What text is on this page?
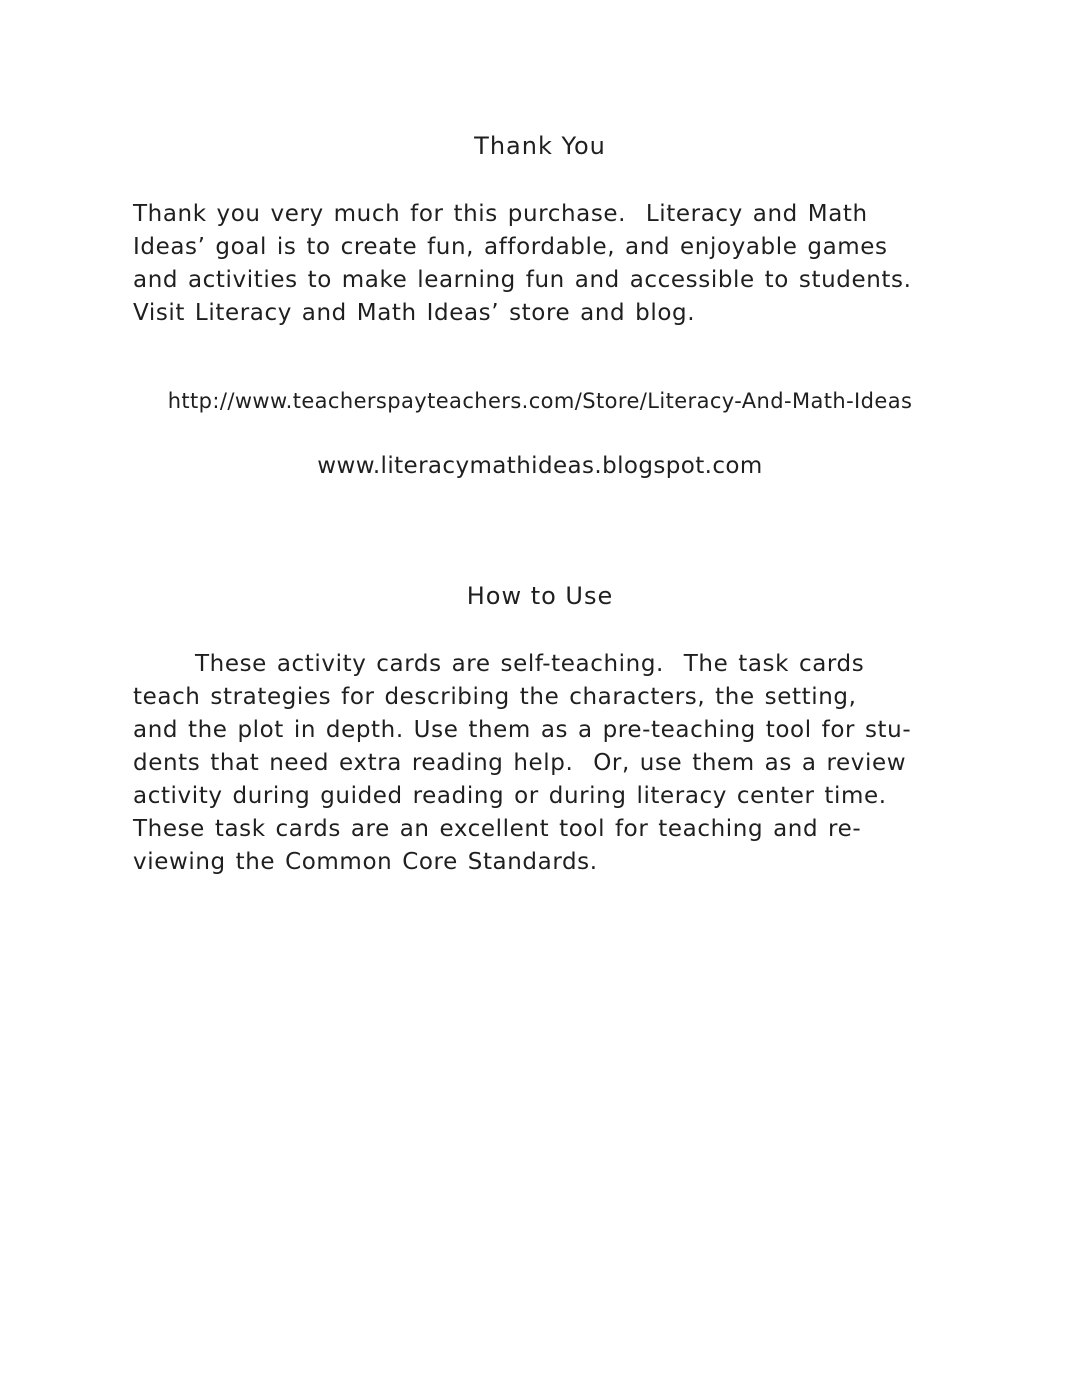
Thank You
Thank you very much for this purchase.  Literacy and Math
Ideas’ goal is to create fun, affordable, and enjoyable games
and activities to make learning fun and accessible to students.
Visit Literacy and Math Ideas’ store and blog.
http://www.teacherspayteachers.com/Store/Literacy-And-Math-Ideas
www.literacymathideas.blogspot.com
How to Use
These activity cards are self-teaching.  The task cards
teach strategies for describing the characters, the setting,
and the plot in depth. Use them as a pre-teaching tool for stu-
dents that need extra reading help.  Or, use them as a review
activity during guided reading or during literacy center time.
These task cards are an excellent tool for teaching and re-
viewing the Common Core Standards.
